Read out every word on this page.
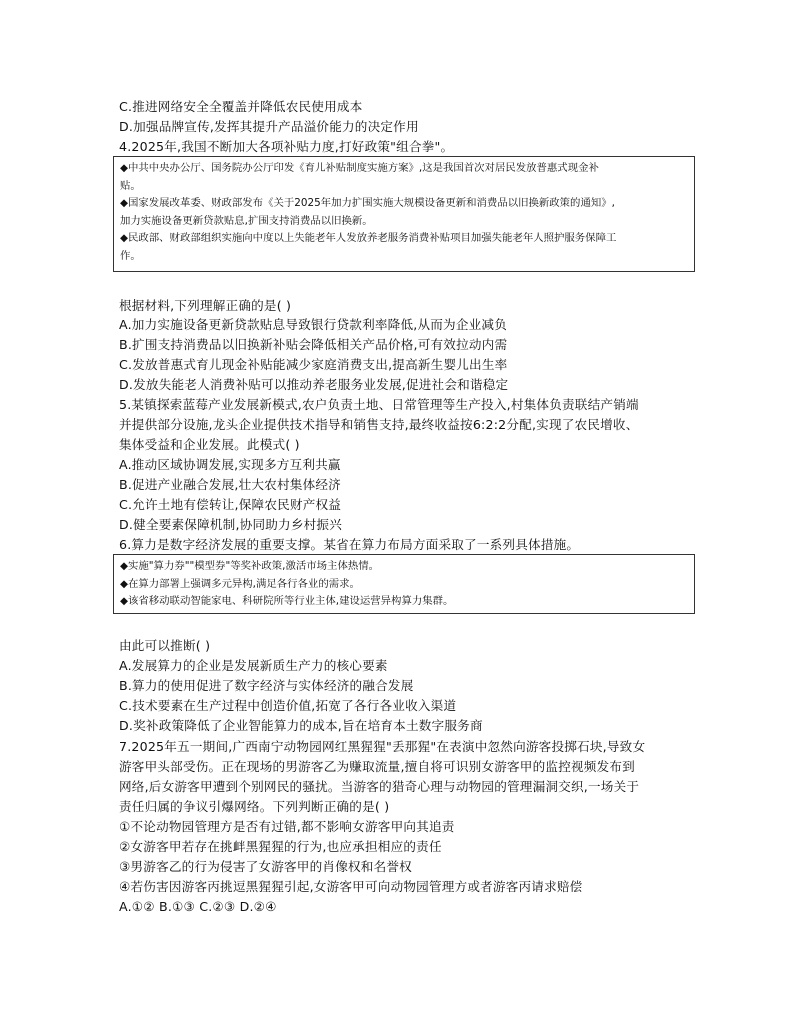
C.推进网络安全全覆盖并降低农民使用成本
D.加强品牌宣传,发挥其提升产品溢价能力的决定作用
4.2025年,我国不断加大各项补贴力度,打好政策"组合拳"。

◆中共中央办公厅、国务院办公厅印发《育儿补贴制度实施方案》,这是我国首次对居民发放普惠式现金补

贴。

◆国家发展改革委、财政部发布《关于2025年加力扩围实施大规模设备更新和消费品以旧换新政策的通知》,

加力实施设备更新贷款贴息,扩围支持消费品以旧换新。

◆民政部、财政部组织实施向中度以上失能老年人发放养老服务消费补贴项目加强失能老年人照护服务保障工

作。

根据材料,下列理解正确的是( )
A.加力实施设备更新贷款贴息导致银行贷款利率降低,从而为企业减负
B.扩围支持消费品以旧换新补贴会降低相关产品价格,可有效拉动内需
C.发放普惠式育儿现金补贴能减少家庭消费支出,提高新生婴儿出生率
D.发放失能老人消费补贴可以推动养老服务业发展,促进社会和谐稳定
5.某镇探索蓝莓产业发展新模式,农户负责土地、日常管理等生产投入,村集体负责联结产销端
并提供部分设施,龙头企业提供技术指导和销售支持,最终收益按6:2:2分配,实现了农民增收、
集体受益和企业发展。此模式( )
A.推动区域协调发展,实现多方互利共赢
B.促进产业融合发展,壮大农村集体经济
C.允许土地有偿转让,保障农民财产权益
D.健全要素保障机制,协同助力乡村振兴
6.算力是数字经济发展的重要支撑。某省在算力布局方面采取了一系列具体措施。

◆实施"算力券""模型券"等奖补政策,激活市场主体热情。

◆在算力部署上强调多元异构,满足各行各业的需求。

◆该省移动联动智能家电、科研院所等行业主体,建设运营异构算力集群。

由此可以推断( )
A.发展算力的企业是发展新质生产力的核心要素
B.算力的使用促进了数字经济与实体经济的融合发展
C.技术要素在生产过程中创造价值,拓宽了各行各业收入渠道
D.奖补政策降低了企业智能算力的成本,旨在培育本土数字服务商
7.2025年五一期间,广西南宁动物园网红黑猩猩"丢那猩"在表演中忽然向游客投掷石块,导致女
游客甲头部受伤。正在现场的男游客乙为赚取流量,擅自将可识别女游客甲的监控视频发布到
网络,后女游客甲遭到个别网民的骚扰。当游客的猎奇心理与动物园的管理漏洞交织,一场关于
责任归属的争议引爆网络。下列判断正确的是( )
①不论动物园管理方是否有过错,都不影响女游客甲向其追责
②女游客甲若存在挑衅黑猩猩的行为,也应承担相应的责任
③男游客乙的行为侵害了女游客甲的肖像权和名誉权
④若伤害因游客丙挑逗黑猩猩引起,女游客甲可向动物园管理方或者游客丙请求赔偿
A.①② B.①③ C.②③ D.②④
